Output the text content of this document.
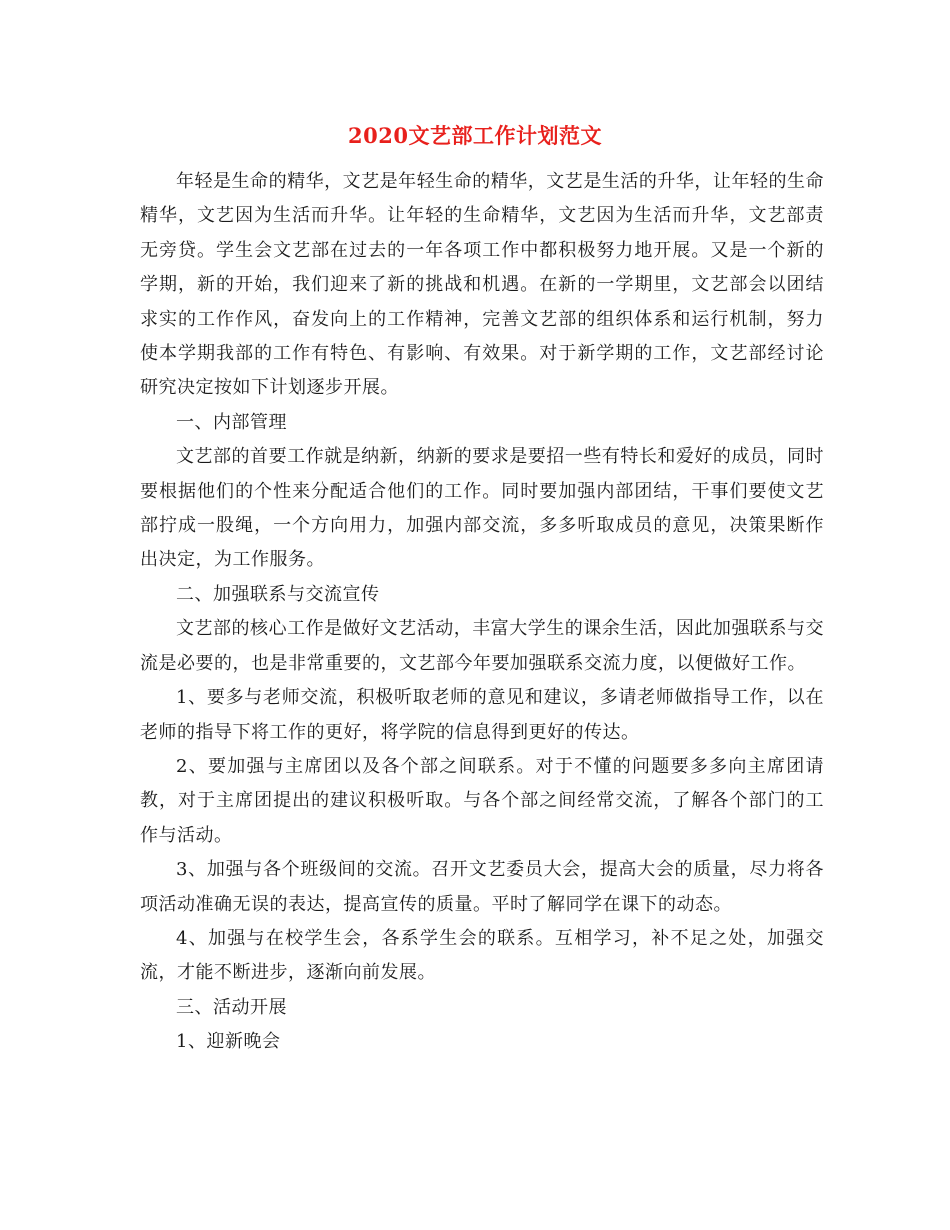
2020文艺部工作计划范文

年轻是生命的精华，文艺是年轻生命的精华，文艺是生活的升华，让年轻的生命精华，文艺因为生活而升华。让年轻的生命精华，文艺因为生活而升华，文艺部责无旁贷。学生会文艺部在过去的一年各项工作中都积极努力地开展。又是一个新的学期，新的开始，我们迎来了新的挑战和机遇。在新的一学期里，文艺部会以团结求实的工作作风，奋发向上的工作精神，完善文艺部的组织体系和运行机制，努力使本学期我部的工作有特色、有影响、有效果。对于新学期的工作，文艺部经讨论研究决定按如下计划逐步开展。

一、内部管理

文艺部的首要工作就是纳新，纳新的要求是要招一些有特长和爱好的成员，同时要根据他们的个性来分配适合他们的工作。同时要加强内部团结，干事们要使文艺部拧成一股绳，一个方向用力，加强内部交流，多多听取成员的意见，决策果断作出决定，为工作服务。

二、加强联系与交流宣传

文艺部的核心工作是做好文艺活动，丰富大学生的课余生活，因此加强联系与交流是必要的，也是非常重要的，文艺部今年要加强联系交流力度，以便做好工作。

1、要多与老师交流，积极听取老师的意见和建议，多请老师做指导工作，以在老师的指导下将工作的更好，将学院的信息得到更好的传达。

2、要加强与主席团以及各个部之间联系。对于不懂的问题要多多向主席团请教，对于主席团提出的建议积极听取。与各个部之间经常交流，了解各个部门的工作与活动。

3、加强与各个班级间的交流。召开文艺委员大会，提高大会的质量，尽力将各项活动准确无误的表达，提高宣传的质量。平时了解同学在课下的动态。

4、加强与在校学生会，各系学生会的联系。互相学习，补不足之处，加强交流，才能不断进步，逐渐向前发展。

三、活动开展

1、迎新晚会
